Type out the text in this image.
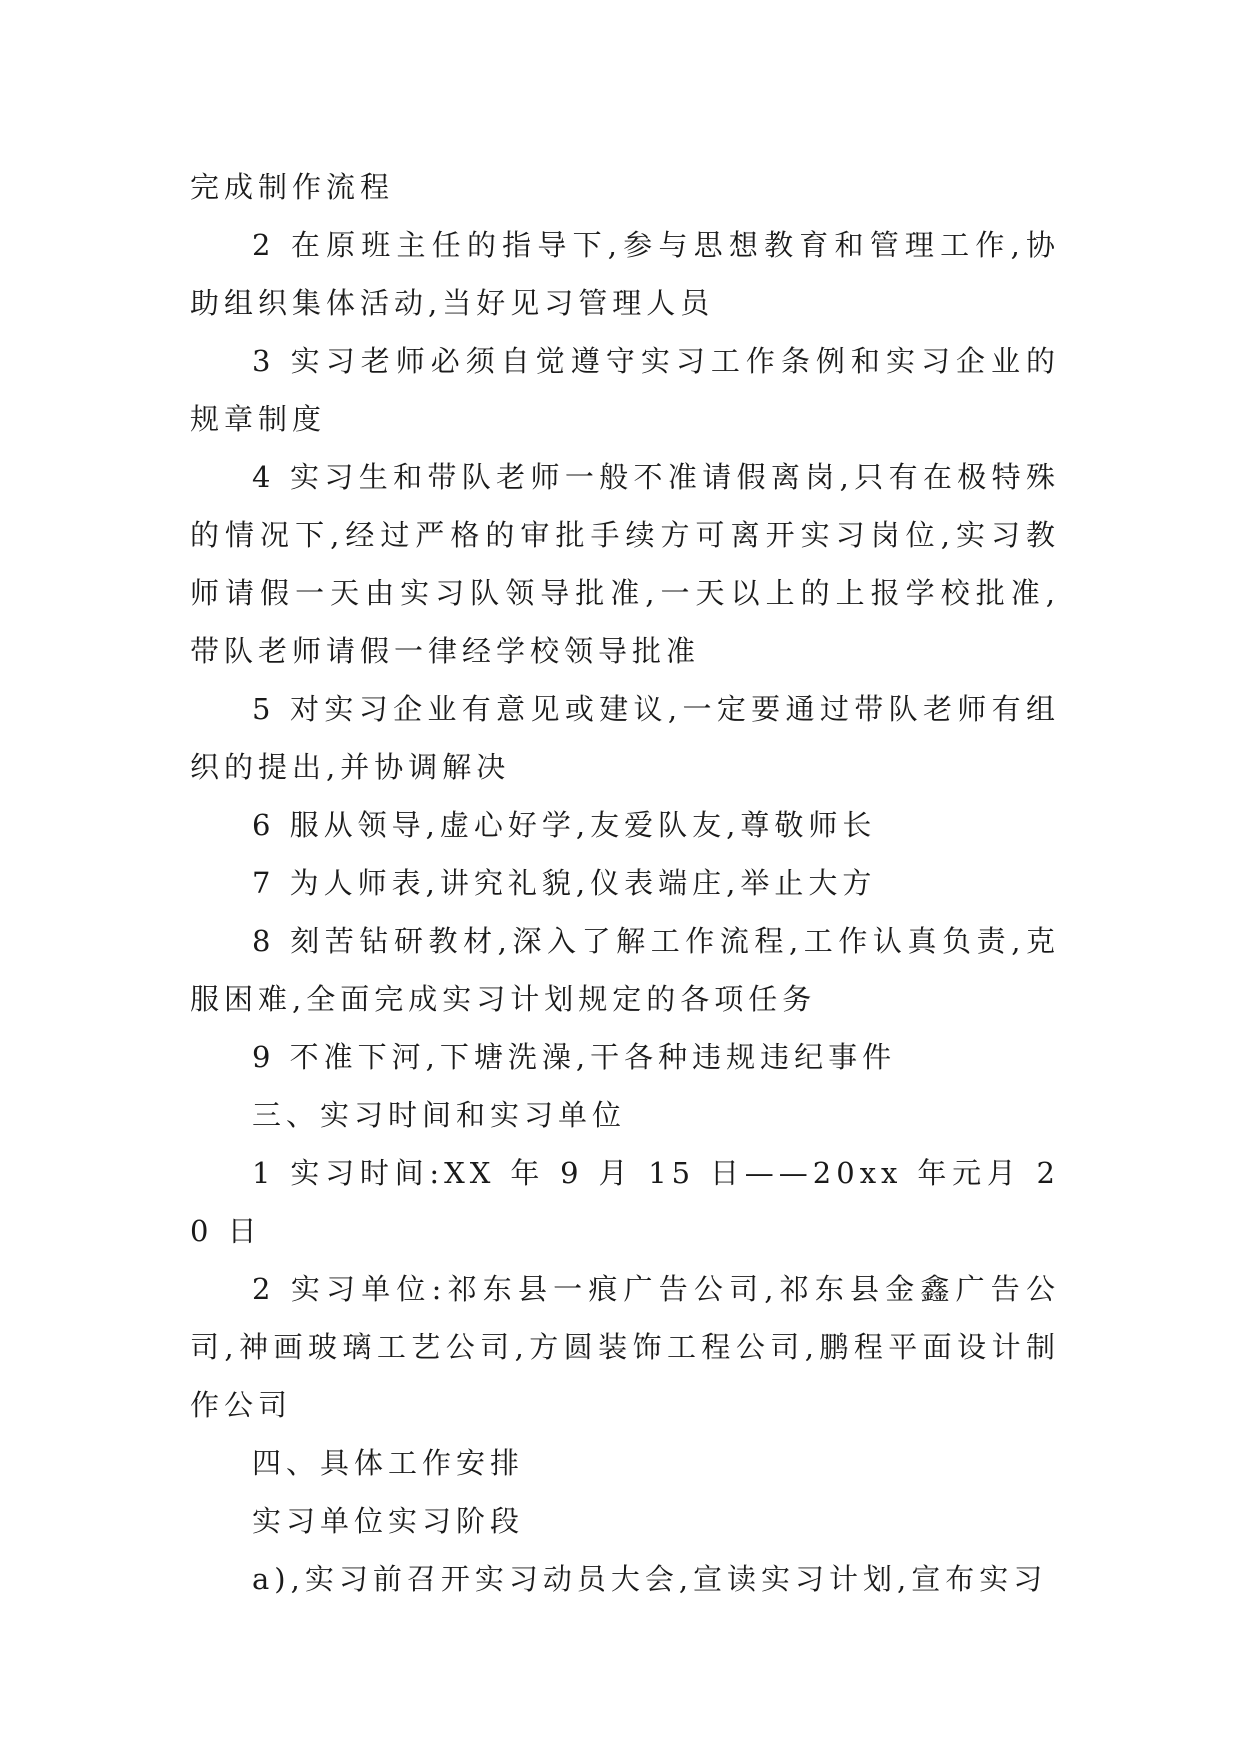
完成制作流程

2 在原班主任的指导下,参与思想教育和管理工作,协助组织集体活动,当好见习管理人员

3 实习老师必须自觉遵守实习工作条例和实习企业的规章制度

4 实习生和带队老师一般不准请假离岗,只有在极特殊的情况下,经过严格的审批手续方可离开实习岗位,实习教师请假一天由实习队领导批准,一天以上的上报学校批准,带队老师请假一律经学校领导批准

5 对实习企业有意见或建议,一定要通过带队老师有组织的提出,并协调解决

6 服从领导,虚心好学,友爱队友,尊敬师长

7 为人师表,讲究礼貌,仪表端庄,举止大方

8 刻苦钻研教材,深入了解工作流程,工作认真负责,克服困难,全面完成实习计划规定的各项任务

9 不准下河,下塘洗澡,干各种违规违纪事件

三、实习时间和实习单位

1 实习时间:XX 年 9 月 15 日——20xx 年元月 20 日

2 实习单位:祁东县一痕广告公司,祁东县金鑫广告公司,神画玻璃工艺公司,方圆装饰工程公司,鹏程平面设计制作公司

四、具体工作安排

实习单位实习阶段

a),实习前召开实习动员大会,宣读实习计划,宣布实习
